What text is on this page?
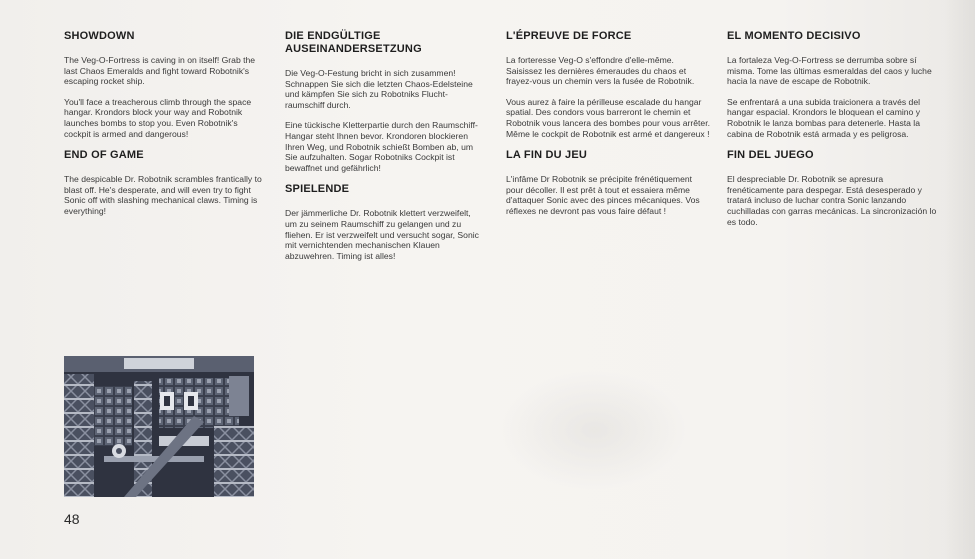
SHOWDOWN

The Veg-O-Fortress is caving in on itself! Grab the last Chaos Emeralds and fight toward Robotnik's escaping rocket ship.

You'll face a treacherous climb through the space hangar. Krondors block your way and Robotnik launches bombs to stop you. Even Robotnik's cockpit is armed and dangerous!

END OF GAME

The despicable Dr. Robotnik scrambles frantically to blast off. He's desperate, and will even try to fight Sonic off with slashing mechanical claws. Timing is everything!

DIE ENDGÜLTIGE AUSEINANDERSETZUNG

Die Veg-O-Festung bricht in sich zusammen! Schnappen Sie sich die letzten Chaos-Edelsteine und kämpfen Sie sich zu Robotniks Flucht-raumschiff durch.

Eine tückische Kletterpartie durch den Raumschiff-Hangar steht Ihnen bevor. Krondoren blockieren Ihren Weg, und Robotnik schießt Bomben ab, um Sie aufzuhalten. Sogar Robotniks Cockpit ist bewaffnet und gefährlich!

SPIELENDE

Der jämmerliche Dr. Robotnik klettert verzweifelt, um zu seinem Raumschiff zu gelangen und zu fliehen. Er ist verzweifelt und versucht sogar, Sonic mit vernichtenden mechanischen Klauen abzuwehren. Timing ist alles!

L'ÉPREUVE DE FORCE

La forteresse Veg-O s'effondre d'elle-même. Saisissez les dernières émeraudes du chaos et frayez-vous un chemin vers la fusée de Robotnik.

Vous aurez à faire la périlleuse escalade du hangar spatial. Des condors vous barreront le chemin et Robotnik vous lancera des bombes pour vous arrêter. Même le cockpit de Robotnik est armé et dangereux !

LA FIN DU JEU

L'infâme Dr Robotnik se précipite frénétiquement pour décoller. Il est prêt à tout et essaiera même d'attaquer Sonic avec des pinces mécaniques. Vos réflexes ne devront pas vous faire défaut !

EL MOMENTO DECISIVO

La fortaleza Veg-O-Fortress se derrumba sobre sí misma. Tome las últimas esmeraldas del caos y luche hacia la nave de escape de Robotnik.

Se enfrentará a una subida traicionera a través del hangar espacial. Krondors le bloquean el camino y Robotnik le lanza bombas para detenerle. Hasta la cabina de Robotnik está armada y es peligrosa.

FIN DEL JUEGO

El despreciable Dr. Robotnik se apresura frenéticamente para despegar. Está desesperado y tratará incluso de luchar contra Sonic lanzando cuchilladas con garras mecánicas. La sincronización lo es todo.

48
